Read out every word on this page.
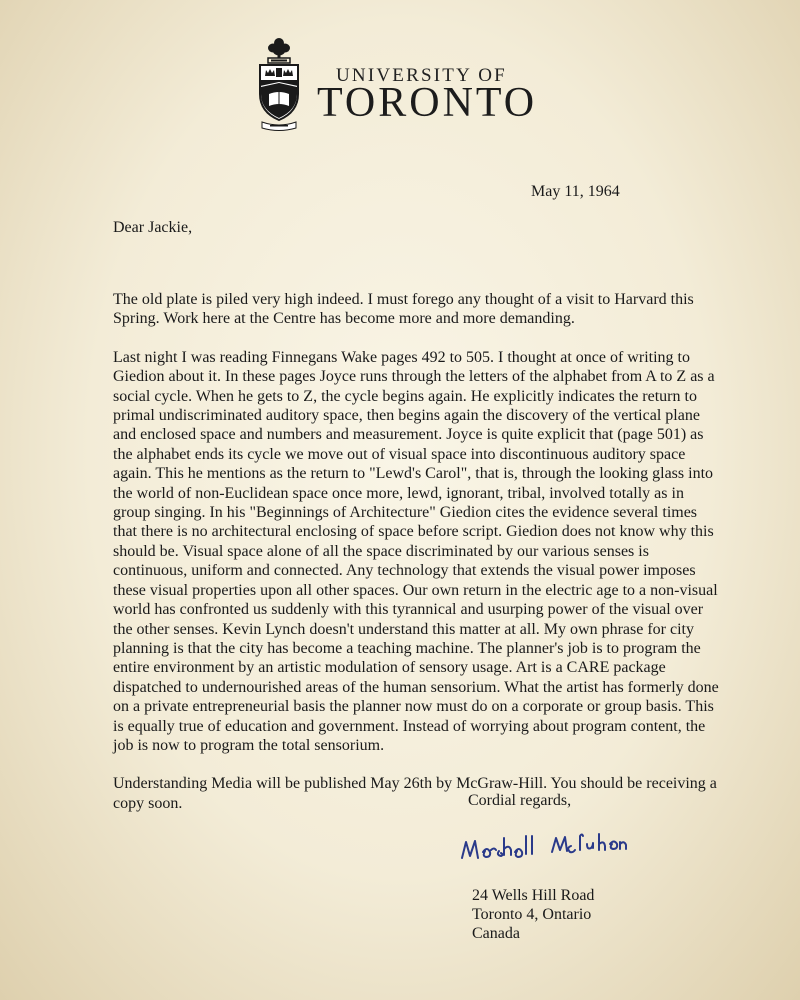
UNIVERSITY OF
TORONTO
May 11, 1964
Dear Jackie,

The old plate is piled very high indeed. I must forego any thought of a visit to Harvard this Spring. Work here at the Centre has become more and more demanding.

Last night I was reading Finnegans Wake pages 492 to 505. I thought at once of writing to Giedion about it. In these pages Joyce runs through the letters of the alphabet from A to Z as a social cycle. When he gets to Z, the cycle begins again. He explicitly indicates the return to primal undiscriminated auditory space, then begins again the discovery of the vertical plane and enclosed space and numbers and measurement. Joyce is quite explicit that (page 501) as the alphabet ends its cycle we move out of visual space into discontinuous auditory space again. This he mentions as the return to "Lewd's Carol", that is, through the looking glass into the world of non-Euclidean space once more, lewd, ignorant, tribal, involved totally as in group singing. In his "Beginnings of Architecture" Giedion cites the evidence several times that there is no architectural enclosing of space before script. Giedion does not know why this should be. Visual space alone of all the space discriminated by our various senses is continuous, uniform and connected. Any technology that extends the visual power imposes these visual properties upon all other spaces. Our own return in the electric age to a non-visual world has confronted us suddenly with this tyrannical and usurping power of the visual over the other senses. Kevin Lynch doesn't understand this matter at all. My own phrase for city planning is that the city has become a teaching machine. The planner's job is to program the entire environment by an artistic modulation of sensory usage. Art is a CARE package dispatched to undernourished areas of the human sensorium. What the artist has formerly done on a private entrepreneurial basis the planner now must do on a corporate or group basis. This is equally true of education and government. Instead of worrying about program content, the job is now to program the total sensorium.

Understanding Media will be published May 26th by McGraw-Hill. You should be receiving a copy soon.	Cordial regards,
24 Wells Hill Road
Toronto 4, Ontario
Canada
